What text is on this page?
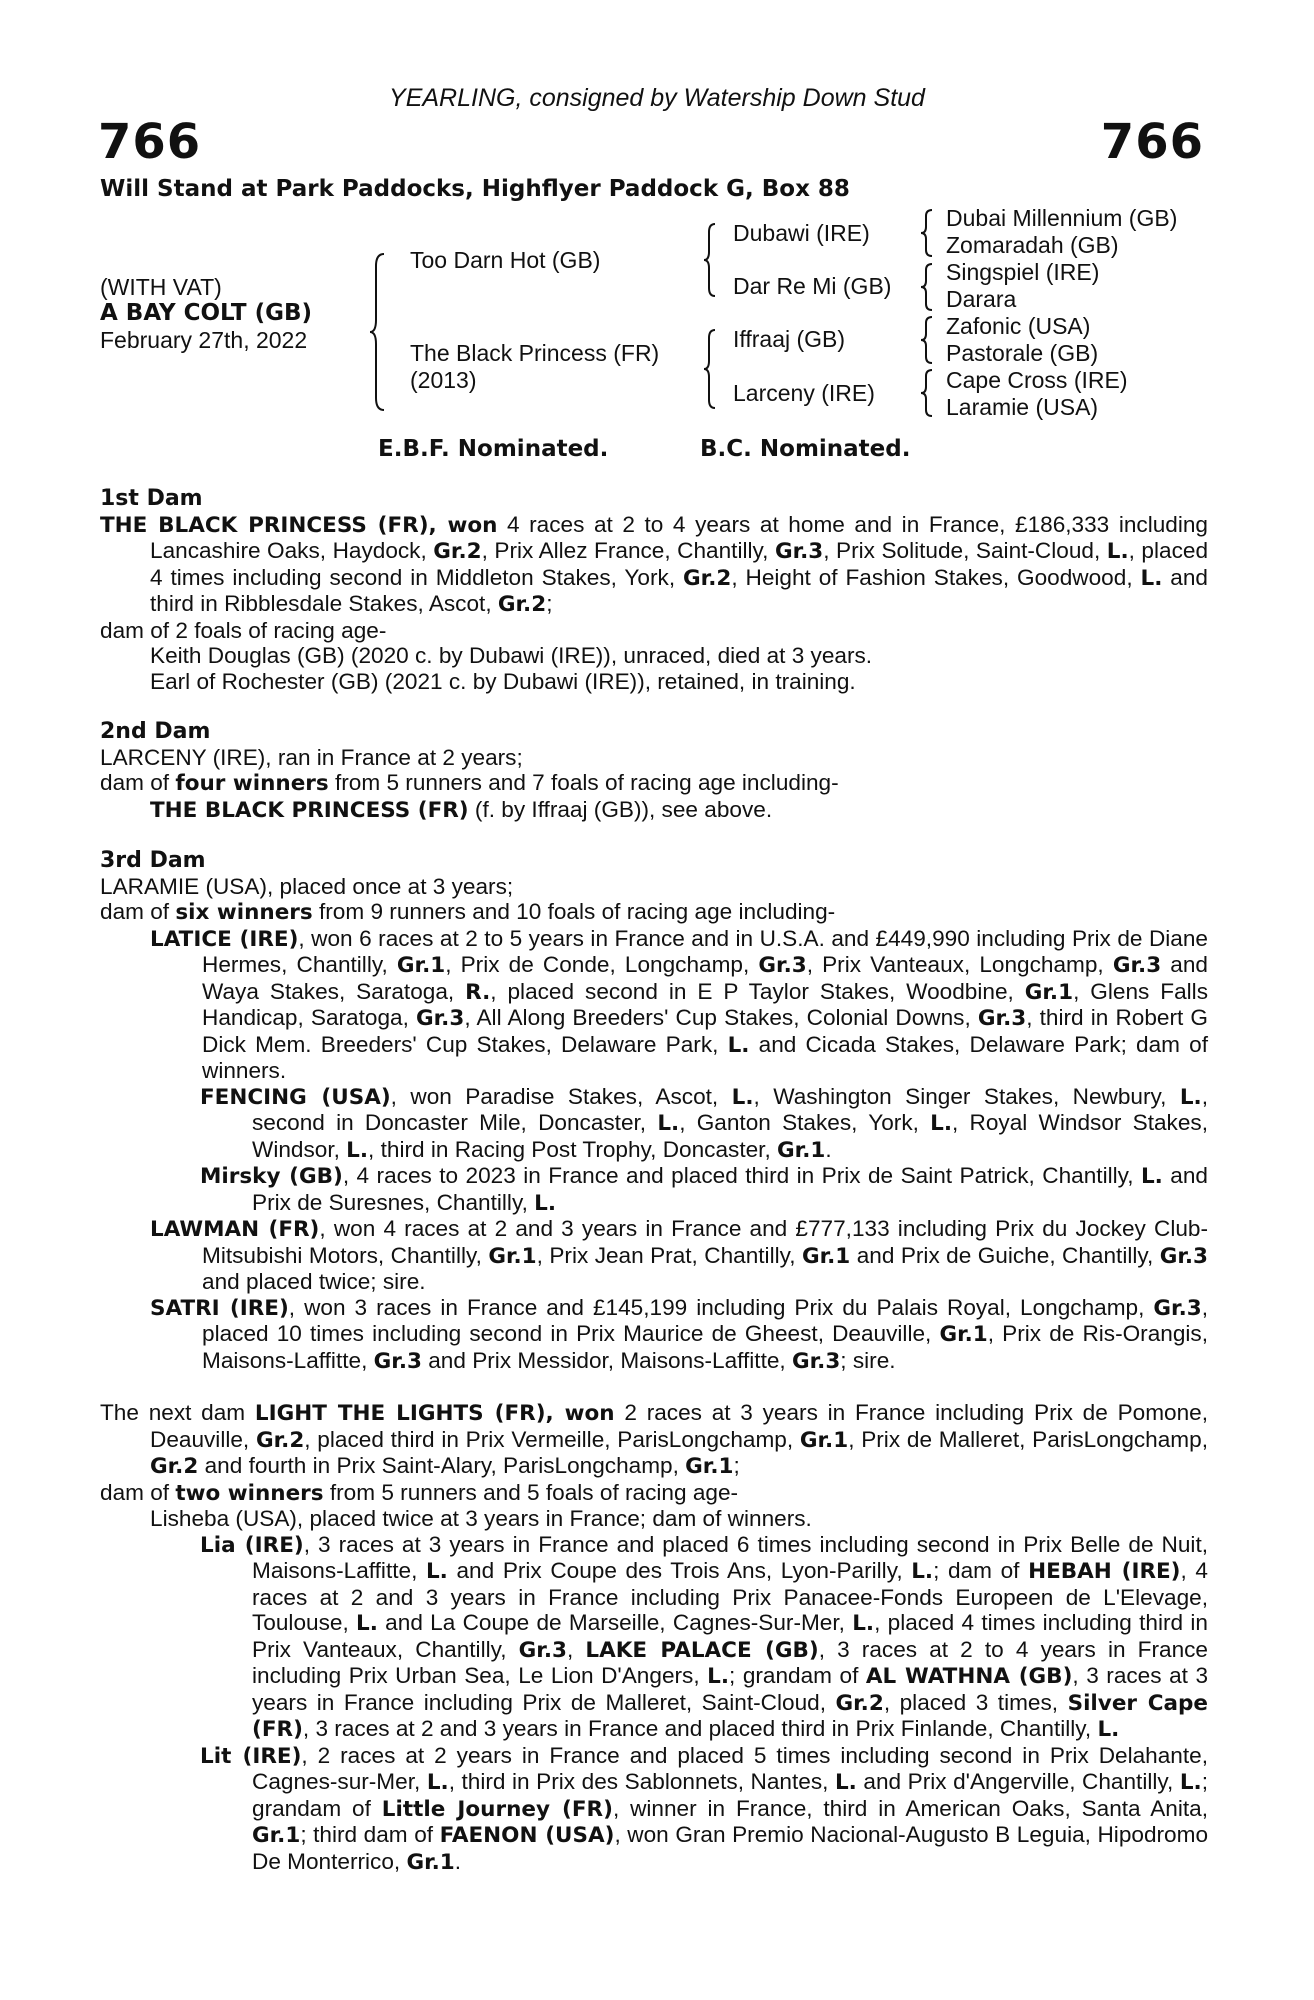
YEARLING, consigned by Watership Down Stud
766	766
Will Stand at Park Paddocks, Highflyer Paddock G, Box 88
(WITH VAT)
A BAY COLT (GB)
February 27th, 2022
Too Darn Hot (GB)
The Black Princess (FR)
(2013)
Dubawi (IRE)
Dar Re Mi (GB)
Iffraaj (GB)
Larceny (IRE)
Dubai Millennium (GB)
Zomaradah (GB)
Singspiel (IRE)
Darara
Zafonic (USA)
Pastorale (GB)
Cape Cross (IRE)
Laramie (USA)
E.B.F. Nominated.	B.C. Nominated.

1st Dam

THE BLACK PRINCESS (FR), won 4 races at 2 to 4 years at home and in France, £186,333 including Lancashire Oaks, Haydock, Gr.2, Prix Allez France, Chantilly, Gr.3, Prix Solitude, Saint-Cloud, L., placed 4 times including second in Middleton Stakes, York, Gr.2, Height of Fashion Stakes, Goodwood, L. and third in Ribblesdale Stakes, Ascot, Gr.2;

dam of 2 foals of racing age-

Keith Douglas (GB) (2020 c. by Dubawi (IRE)), unraced, died at 3 years.

Earl of Rochester (GB) (2021 c. by Dubawi (IRE)), retained, in training.

2nd Dam

LARCENY (IRE), ran in France at 2 years;

dam of four winners from 5 runners and 7 foals of racing age including-

THE BLACK PRINCESS (FR) (f. by Iffraaj (GB)), see above.

3rd Dam

LARAMIE (USA), placed once at 3 years;

dam of six winners from 9 runners and 10 foals of racing age including-

LATICE (IRE), won 6 races at 2 to 5 years in France and in U.S.A. and £449,990 including Prix de Diane Hermes, Chantilly, Gr.1, Prix de Conde, Longchamp, Gr.3, Prix Vanteaux, Longchamp, Gr.3 and Waya Stakes, Saratoga, R., placed second in E P Taylor Stakes, Woodbine, Gr.1, Glens Falls Handicap, Saratoga, Gr.3, All Along Breeders' Cup Stakes, Colonial Downs, Gr.3, third in Robert G Dick Mem. Breeders' Cup Stakes, Delaware Park, L. and Cicada Stakes, Delaware Park; dam of winners.

FENCING (USA), won Paradise Stakes, Ascot, L., Washington Singer Stakes, Newbury, L., second in Doncaster Mile, Doncaster, L., Ganton Stakes, York, L., Royal Windsor Stakes, Windsor, L., third in Racing Post Trophy, Doncaster, Gr.1.

Mirsky (GB), 4 races to 2023 in France and placed third in Prix de Saint Patrick, Chantilly, L. and Prix de Suresnes, Chantilly, L.

LAWMAN (FR), won 4 races at 2 and 3 years in France and £777,133 including Prix du Jockey Club- Mitsubishi Motors, Chantilly, Gr.1, Prix Jean Prat, Chantilly, Gr.1 and Prix de Guiche, Chantilly, Gr.3 and placed twice; sire.

SATRI (IRE), won 3 races in France and £145,199 including Prix du Palais Royal, Longchamp, Gr.3, placed 10 times including second in Prix Maurice de Gheest, Deauville, Gr.1, Prix de Ris-Orangis, Maisons-Laffitte, Gr.3 and Prix Messidor, Maisons-Laffitte, Gr.3; sire.

The next dam LIGHT THE LIGHTS (FR), won 2 races at 3 years in France including Prix de Pomone, Deauville, Gr.2, placed third in Prix Vermeille, ParisLongchamp, Gr.1, Prix de Malleret, ParisLongchamp, Gr.2 and fourth in Prix Saint-Alary, ParisLongchamp, Gr.1;

dam of two winners from 5 runners and 5 foals of racing age-

Lisheba (USA), placed twice at 3 years in France; dam of winners.

Lia (IRE), 3 races at 3 years in France and placed 6 times including second in Prix Belle de Nuit, Maisons-Laffitte, L. and Prix Coupe des Trois Ans, Lyon-Parilly, L.; dam of HEBAH (IRE), 4 races at 2 and 3 years in France including Prix Panacee-Fonds Europeen de L'Elevage, Toulouse, L. and La Coupe de Marseille, Cagnes-Sur-Mer, L., placed 4 times including third in Prix Vanteaux, Chantilly, Gr.3, LAKE PALACE (GB), 3 races at 2 to 4 years in France including Prix Urban Sea, Le Lion D'Angers, L.; grandam of AL WATHNA (GB), 3 races at 3 years in France including Prix de Malleret, Saint-Cloud, Gr.2, placed 3 times, Silver Cape (FR), 3 races at 2 and 3 years in France and placed third in Prix Finlande, Chantilly, L.

Lit (IRE), 2 races at 2 years in France and placed 5 times including second in Prix Delahante, Cagnes-sur-Mer, L., third in Prix des Sablonnets, Nantes, L. and Prix d'Angerville, Chantilly, L.; grandam of Little Journey (FR), winner in France, third in American Oaks, Santa Anita, Gr.1; third dam of FAENON (USA), won Gran Premio Nacional-Augusto B Leguia, Hipodromo De Monterrico, Gr.1.
